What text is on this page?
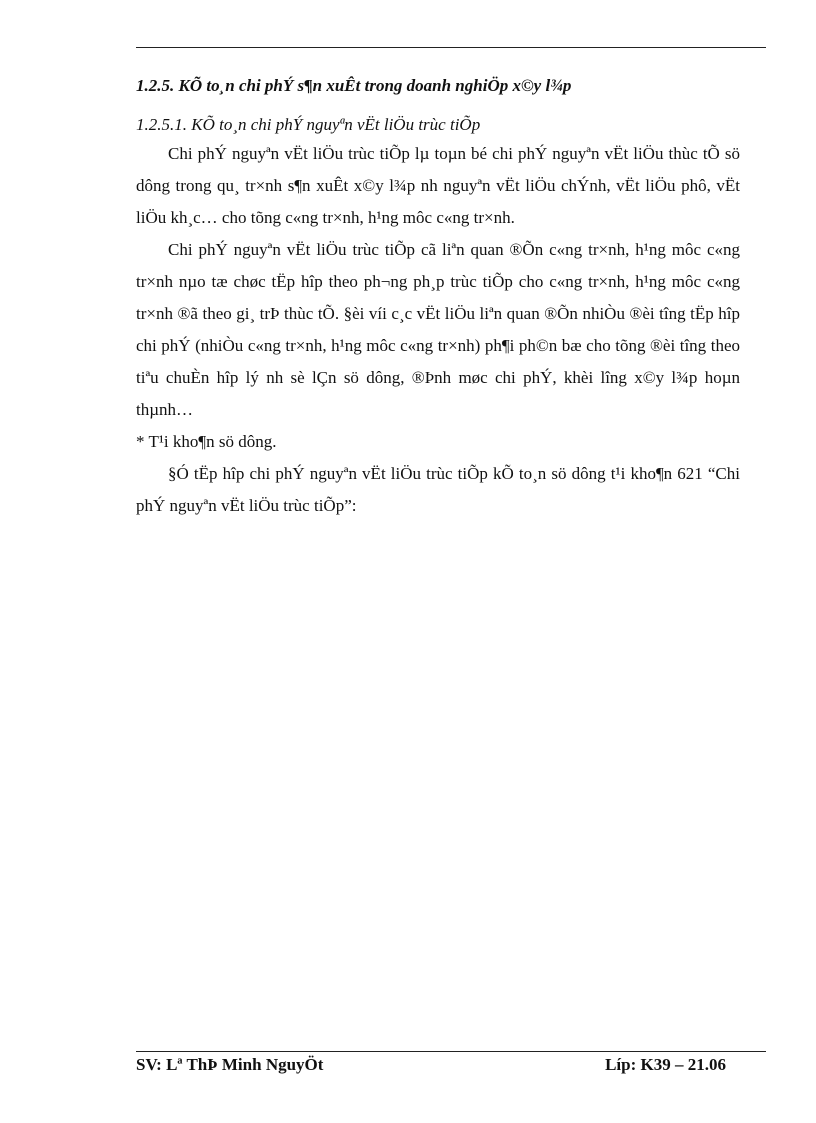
1.2.5. KÕ to¸n chi phÝ s¶n xuÊt trong doanh nghiÖp x©y l¾p
1.2.5.1. KÕ to¸n chi phÝ nguyªn vËt liÖu trùc tiÕp

Chi phÝ nguyªn vËt liÖu trùc tiÕp lµ toµn bé chi phÝ nguyªn vËt liÖu thùc tÕ sö dông trong qu¸ tr×nh s¶n xuÊt x©y l¾p nh nguyªn vËt liÖu chÝnh, vËt liÖu phô, vËt liÖu kh¸c… cho tõng c«ng tr×nh, h¹ng môc c«ng tr×nh.

Chi phÝ nguyªn vËt liÖu trùc tiÕp cã liªn quan ®Õn c«ng tr×nh, h¹ng môc c«ng tr×nh nµo tæ chøc tËp hîp theo ph¬ng ph¸p trùc tiÕp cho c«ng tr×nh, h¹ng môc c«ng tr×nh ®ã theo gi¸ trÞ thùc tÕ. §èi víi c¸c vËt liÖu liªn quan ®Õn nhiÒu ®èi tîng tËp hîp chi phÝ (nhiÒu c«ng tr×nh, h¹ng môc c«ng tr×nh) ph¶i ph©n bæ cho tõng ®èi tîng theo tiªu chuÈn hîp lý nh sè lÇn sö dông, ®Þnh møc chi phÝ, khèi lîng x©y l¾p hoµn thµnh…

* T¹i kho¶n sö dông.

§Ó tËp hîp chi phÝ nguyªn vËt liÖu trùc tiÕp kÕ to¸n sö dông t¹i kho¶n 621 “Chi phÝ nguyªn vËt liÖu trùc tiÕp”:

SV: Lª ThÞ Minh NguyÖt	Líp: K39 – 21.06
